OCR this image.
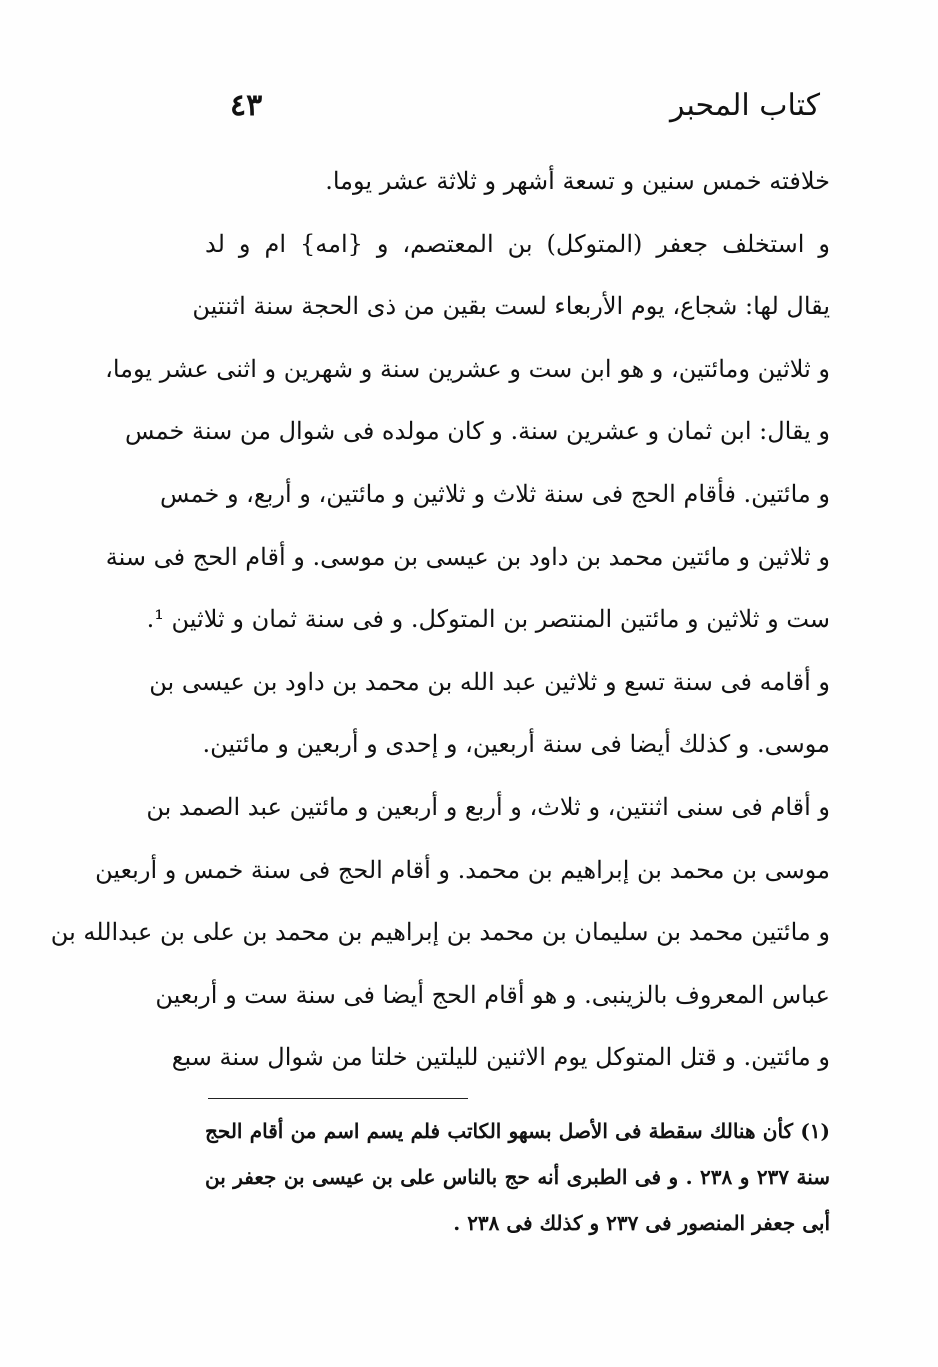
كتاب المحبر
٤٣
خلافته خمس سنين و تسعة أشهر و ثلاثة عشر يوما.
و استخلف جعفر (المتوكل) بن المعتصم، و {امه} ام و لد
يقال لها: شجاع، يوم الأربعاء لست بقين من ذى الحجة سنة اثنتين
و ثلاثين ومائتين، و هو ابن ست و عشرين سنة و شهرين و اثنى عشر يوما،
و يقال: ابن ثمان و عشرين سنة. و كان مولده فى شوال من سنة خمس
و مائتين. فأقام الحج فى سنة ثلاث و ثلاثين و مائتين، و أربع، و خمس
و ثلاثين و مائتين محمد بن داود بن عيسى بن موسى. و أقام الحج فى سنة
ست و ثلاثين و مائتين المنتصر بن المتوكل. و فى سنة ثمان و ثلاثين ¹.
و أقامه فى سنة تسع و ثلاثين عبد الله بن محمد بن داود بن عيسى بن
موسى. و كذلك أيضا فى سنة أربعين، و إحدى و أربعين و مائتين.
و أقام فى سنى اثنتين، و ثلاث، و أربع و أربعين و مائتين عبد الصمد بن
موسى بن محمد بن إبراهيم بن محمد. و أقام الحج فى سنة خمس و أربعين
و مائتين محمد بن سليمان بن محمد بن إبراهيم بن محمد بن على بن عبدالله بن
عباس المعروف بالزينبى. و هو أقام الحج أيضا فى سنة ست و أربعين
و مائتين. و قتل المتوكل يوم الاثنين لليلتين خلتا من شوال سنة سبع
(١) كأن هنالك سقطة فى الأصل بسهو الكاتب فلم يسم اسم من أقام الحج
سنة ٢٣٧ و ٢٣٨ . و فى الطبرى أنه حج بالناس على بن عيسى بن جعفر بن
أبى جعفر المنصور فى ٢٣٧ و كذلك فى ٢٣٨ .
